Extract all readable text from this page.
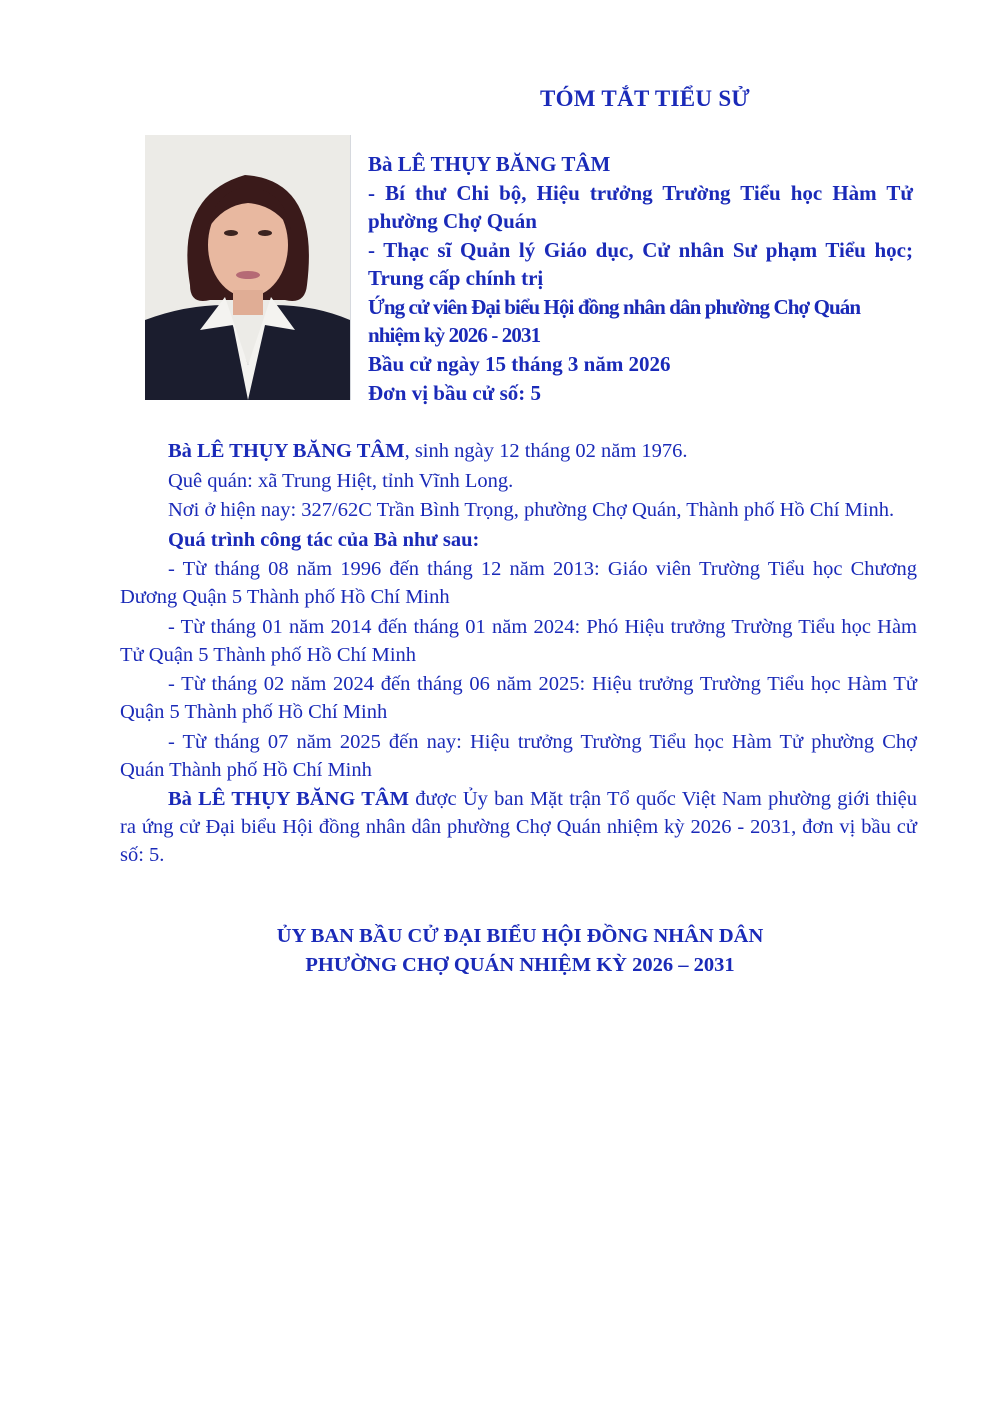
TÓM TẮT TIỂU SỬ
Bà LÊ THỤY BĂNG TÂM
- Bí thư Chi bộ, Hiệu trưởng Trường Tiểu học Hàm Tử phường Chợ Quán
- Thạc sĩ Quản lý Giáo dục, Cử nhân Sư phạm Tiểu học; Trung cấp chính trị
Ứng cử viên Đại biểu Hội đồng nhân dân phường Chợ Quán nhiệm kỳ 2026 - 2031
Bầu cử ngày 15 tháng 3 năm 2026
Đơn vị bầu cử số: 5

Bà LÊ THỤY BĂNG TÂM, sinh ngày 12 tháng 02 năm 1976.

Quê quán: xã Trung Hiệt, tỉnh Vĩnh Long.

Nơi ở hiện nay: 327/62C Trần Bình Trọng, phường Chợ Quán, Thành phố Hồ Chí Minh.

Quá trình công tác của Bà như sau:

- Từ tháng 08 năm 1996 đến tháng 12 năm 2013: Giáo viên Trường Tiểu học Chương Dương Quận 5 Thành phố Hồ Chí Minh

- Từ tháng 01 năm 2014 đến tháng 01 năm 2024: Phó Hiệu trưởng Trường Tiểu học Hàm Tử Quận 5 Thành phố Hồ Chí Minh

- Từ tháng 02 năm 2024 đến tháng 06 năm 2025: Hiệu trưởng Trường Tiểu học Hàm Tử Quận 5 Thành phố Hồ Chí Minh

- Từ tháng 07 năm 2025 đến nay: Hiệu trưởng Trường Tiểu học Hàm Tử phường Chợ Quán Thành phố Hồ Chí Minh

Bà LÊ THỤY BĂNG TÂM được Ủy ban Mặt trận Tổ quốc Việt Nam phường giới thiệu ra ứng cử Đại biểu Hội đồng nhân dân phường Chợ Quán nhiệm kỳ 2026 - 2031, đơn vị bầu cử số: 5.

ỦY BAN BẦU CỬ ĐẠI BIỂU HỘI ĐỒNG NHÂN DÂN
PHƯỜNG CHỢ QUÁN NHIỆM KỲ 2026 – 2031
